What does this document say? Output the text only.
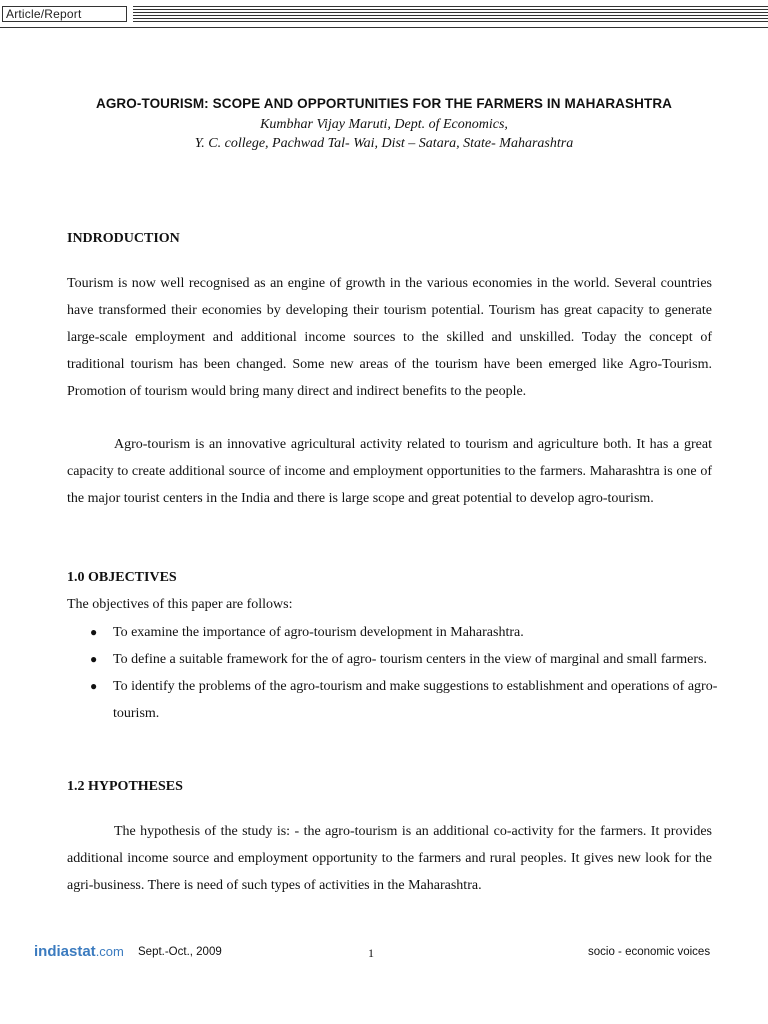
Article/Report
AGRO-TOURISM: SCOPE AND OPPORTUNITIES FOR THE FARMERS IN MAHARASHTRA
Kumbhar Vijay Maruti, Dept. of Economics,
Y. C. college, Pachwad Tal- Wai, Dist – Satara, State- Maharashtra
INDRODUCTION

Tourism is now well recognised as an engine of growth in the various economies in the world. Several countries have transformed their economies by developing their tourism potential. Tourism has great capacity to generate large-scale employment and additional income sources to the skilled and unskilled. Today the concept of traditional tourism has been changed. Some new areas of the tourism have been emerged like Agro-Tourism. Promotion of tourism would bring many direct and indirect benefits to the people.

Agro-tourism is an innovative agricultural activity related to tourism and agriculture both. It has a great capacity to create additional source of income and employment opportunities to the farmers. Maharashtra is one of the major tourist centers in the India and there is large scope and great potential to develop agro-tourism.

1.0 OBJECTIVES
The objectives of this paper are follows:
● To examine the importance of agro-tourism development in Maharashtra.
● To define a suitable framework for the of agro- tourism centers in the view of marginal and small farmers.
● To identify the problems of the agro-tourism and make suggestions to establishment and operations of agro-tourism.
1.2 HYPOTHESES

The hypothesis of the study is: - the agro-tourism is an additional co-activity for the farmers. It provides additional income source and employment opportunity to the farmers and rural peoples. It gives new look for the agri-business. There is need of such types of activities in the Maharashtra.

indiastat.com Sept.-Oct., 2009	1	socio - economic voices
